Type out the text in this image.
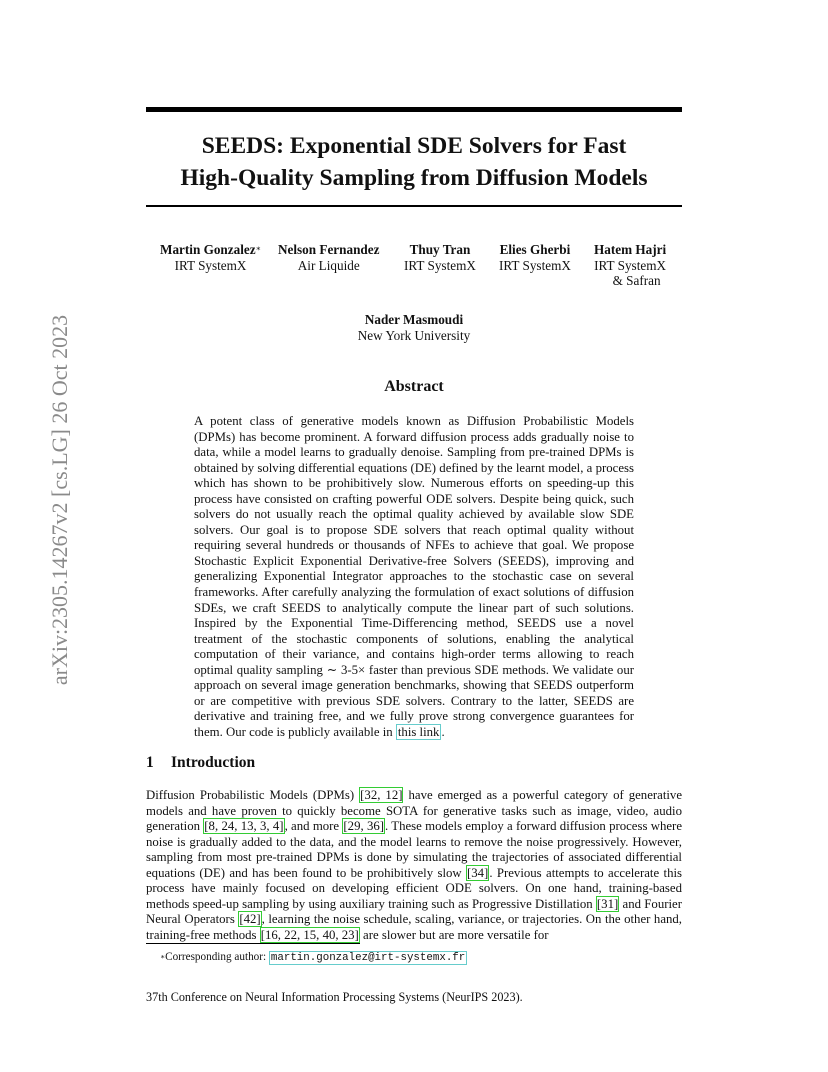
arXiv:2305.14267v2 [cs.LG] 26 Oct 2023
SEEDS: Exponential SDE Solvers for Fast
High-Quality Sampling from Diffusion Models
Martin Gonzalez∗
IRT SystemX
Nelson Fernandez
Air Liquide
Thuy Tran
IRT SystemX
Elies Gherbi
IRT SystemX
Hatem Hajri
IRT SystemX
& Safran
Nader Masmoudi
New York University
Abstract

A potent class of generative models known as Diffusion Probabilistic Models (DPMs) has become prominent. A forward diffusion process adds gradually noise to data, while a model learns to gradually denoise. Sampling from pre-trained DPMs is obtained by solving differential equations (DE) defined by the learnt model, a process which has shown to be prohibitively slow. Numerous efforts on speeding-up this process have consisted on crafting powerful ODE solvers. Despite being quick, such solvers do not usually reach the optimal quality achieved by available slow SDE solvers. Our goal is to propose SDE solvers that reach optimal quality without requiring several hundreds or thousands of NFEs to achieve that goal. We propose Stochastic Explicit Exponential Derivative-free Solvers (SEEDS), improving and generalizing Exponential Integrator approaches to the stochastic case on several frameworks. After carefully analyzing the formulation of exact solutions of diffusion SDEs, we craft SEEDS to analytically compute the linear part of such solutions. Inspired by the Exponential Time-Differencing method, SEEDS use a novel treatment of the stochastic components of solutions, enabling the analytical computation of their variance, and contains high-order terms allowing to reach optimal quality sampling ∼ 3-5× faster than previous SDE methods. We validate our approach on several image generation benchmarks, showing that SEEDS outperform or are competitive with previous SDE solvers. Contrary to the latter, SEEDS are derivative and training free, and we fully prove strong convergence guarantees for them. Our code is publicly available in this link .

1 Introduction

Diffusion Probabilistic Models (DPMs) [32, 12] have emerged as a powerful category of generative models and have proven to quickly become SOTA for generative tasks such as image, video, audio generation [8, 24, 13, 3, 4], and more [29, 36]. These models employ a forward diffusion process where noise is gradually added to the data, and the model learns to remove the noise progressively. However, sampling from most pre-trained DPMs is done by simulating the trajectories of associated differential equations (DE) and has been found to be prohibitively slow [34]. Previous attempts to accelerate this process have mainly focused on developing efficient ODE solvers. On one hand, training-based methods speed-up sampling by using auxiliary training such as Progressive Distillation [31] and Fourier Neural Operators [42], learning the noise schedule, scaling, variance, or trajectories. On the other hand, training-free methods [16, 22, 15, 40, 23] are slower but are more versatile for

∗Corresponding author: martin.gonzalez@irt-systemx.fr
37th Conference on Neural Information Processing Systems (NeurIPS 2023).
